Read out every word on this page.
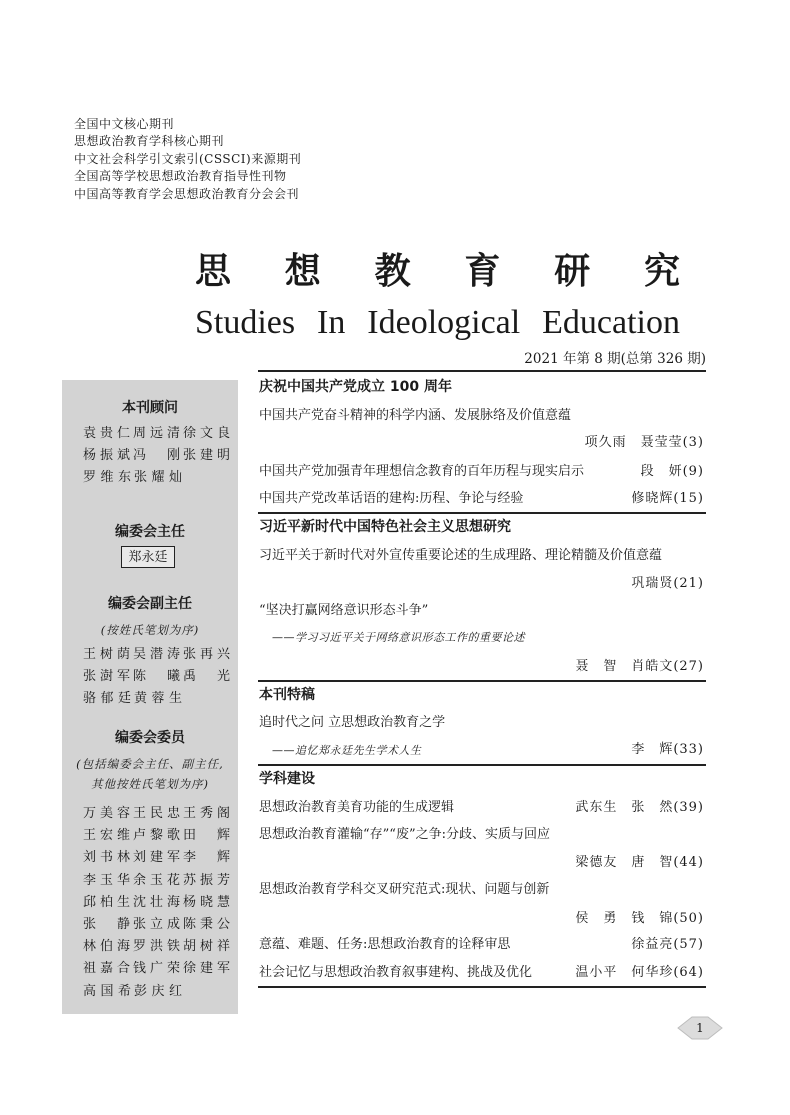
全国中文核心期刊
思想政治教育学科核心期刊
中文社会科学引文索引(CSSCI)来源期刊
全国高等学校思想政治教育指导性刊物
中国高等教育学会思想政治教育分会会刊
思 想 教 育 研 究
Studies In Ideological Education
2021 年第 8 期(总第 326 期)
本刊顾问
袁贵仁 周远清 徐文良
杨振斌 冯　刚 张建明
罗维东 张耀灿
编委会主任
郑永廷
编委会副主任
(按姓氏笔划为序)
王树荫 吴潜涛 张再兴
张澍军 陈　曦 禹　光
骆郁廷 黄蓉生
编委会委员
(包括编委会主任、副主任,
其他按姓氏笔划为序)
万美容 王民忠 王秀阁
王宏维 卢黎歌 田　辉
刘书林 刘建军 李　辉
李玉华 余玉花 苏振芳
邱柏生 沈壮海 杨晓慧
张　静 张立成 陈秉公
林伯海 罗洪铁 胡树祥
祖嘉合 钱广荣 徐建军
高国希 彭庆红
庆祝中国共产党成立 100 周年
中国共产党奋斗精神的科学内涵、发展脉络及价值意蕴
项久雨　聂莹莹(3)
中国共产党加强青年理想信念教育的百年历程与现实启示	段　妍(9)
中国共产党改革话语的建构:历程、争论与经验	修晓辉(15)
习近平新时代中国特色社会主义思想研究
习近平关于新时代对外宣传重要论述的生成理路、理论精髓及价值意蕴
巩瑞贤(21)
“坚决打赢网络意识形态斗争”
——学习习近平关于网络意识形态工作的重要论述
聂　智　肖皓文(27)
本刊特稿
追时代之问 立思想政治教育之学
——追忆郑永廷先生学术人生	李　辉(33)
学科建设
思想政治教育美育功能的生成逻辑	武东生　张　然(39)
思想政治教育灌输“存”“废”之争:分歧、实质与回应
梁德友　唐　智(44)
思想政治教育学科交叉研究范式:现状、问题与创新
侯　勇　钱　锦(50)
意蕴、难题、任务:思想政治教育的诠释审思	徐益亮(57)
社会记忆与思想政治教育叙事建构、挑战及优化	温小平　何华珍(64)
1
